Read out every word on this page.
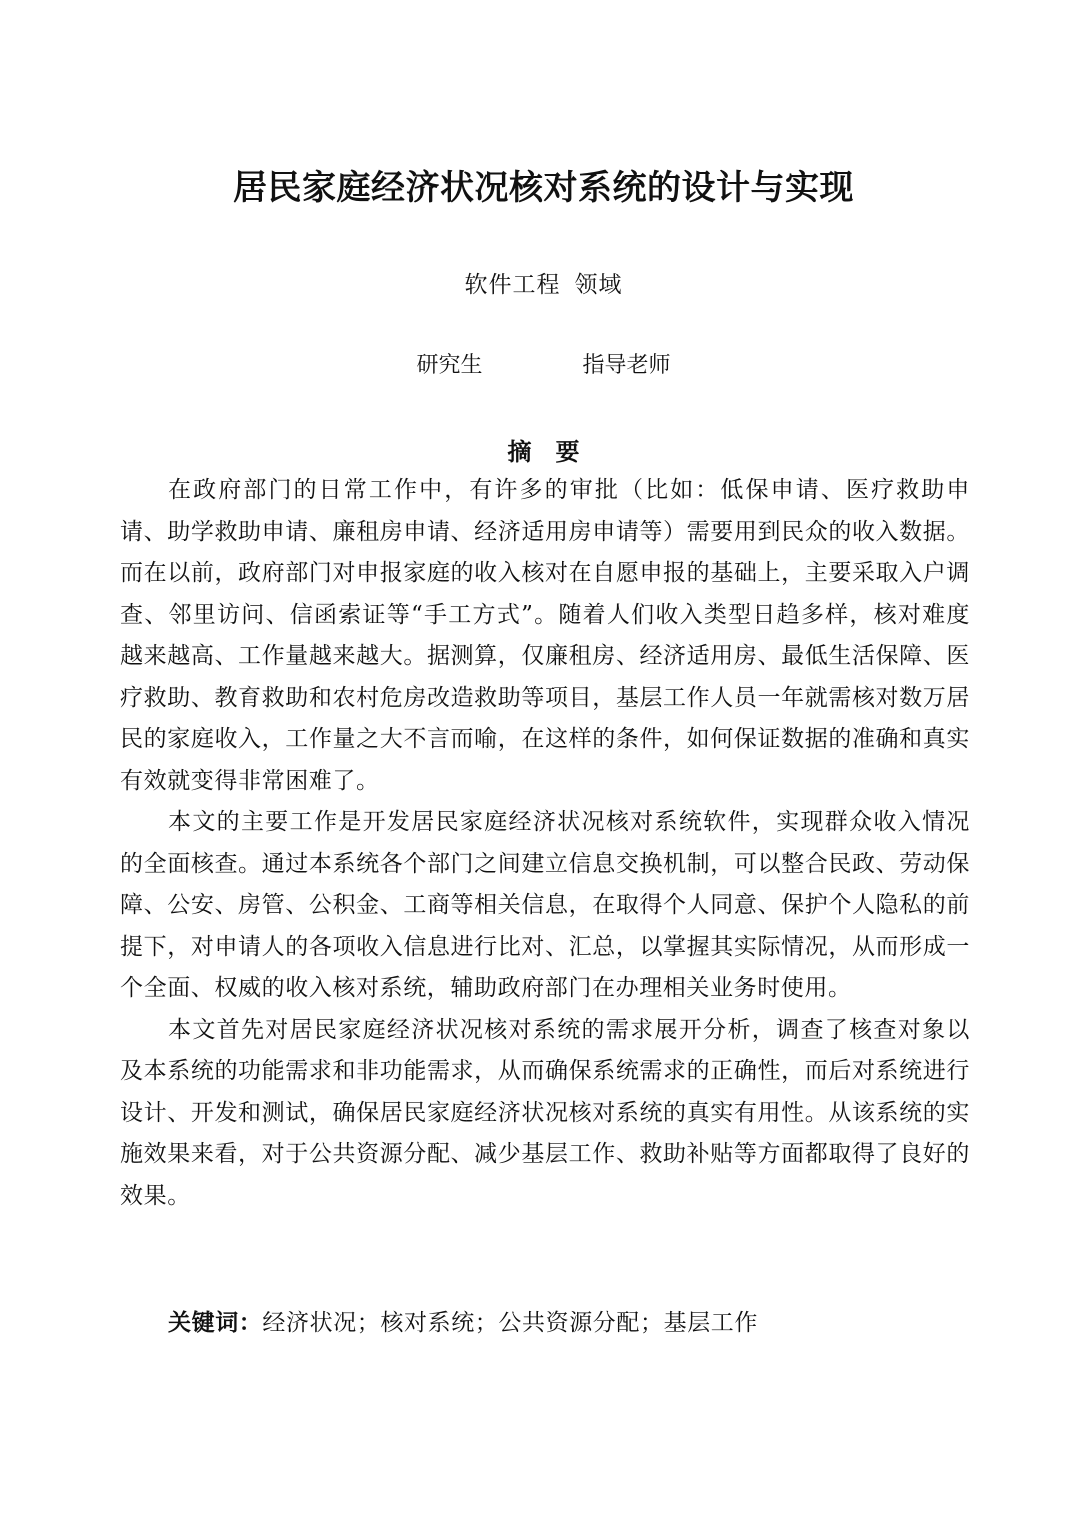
居民家庭经济状况核对系统的设计与实现
软件工程 领域
研究生	指导老师
摘要

在政府部门的日常工作中，有许多的审批（比如：低保申请、医疗救助申请、助学救助申请、廉租房申请、经济适用房申请等）需要用到民众的收入数据。而在以前，政府部门对申报家庭的收入核对在自愿申报的基础上，主要采取入户调查、邻里访问、信函索证等“手工方式”。随着人们收入类型日趋多样，核对难度越来越高、工作量越来越大。据测算，仅廉租房、经济适用房、最低生活保障、医疗救助、教育救助和农村危房改造救助等项目，基层工作人员一年就需核对数万居民的家庭收入，工作量之大不言而喻，在这样的条件，如何保证数据的准确和真实有效就变得非常困难了。

本文的主要工作是开发居民家庭经济状况核对系统软件，实现群众收入情况的全面核查。通过本系统各个部门之间建立信息交换机制，可以整合民政、劳动保障、公安、房管、公积金、工商等相关信息，在取得个人同意、保护个人隐私的前提下，对申请人的各项收入信息进行比对、汇总，以掌握其实际情况，从而形成一个全面、权威的收入核对系统，辅助政府部门在办理相关业务时使用。

本文首先对居民家庭经济状况核对系统的需求展开分析，调查了核查对象以及本系统的功能需求和非功能需求，从而确保系统需求的正确性，而后对系统进行设计、开发和测试，确保居民家庭经济状况核对系统的真实有用性。从该系统的实施效果来看，对于公共资源分配、减少基层工作、救助补贴等方面都取得了良好的效果。

关键词：经济状况；核对系统；公共资源分配；基层工作
